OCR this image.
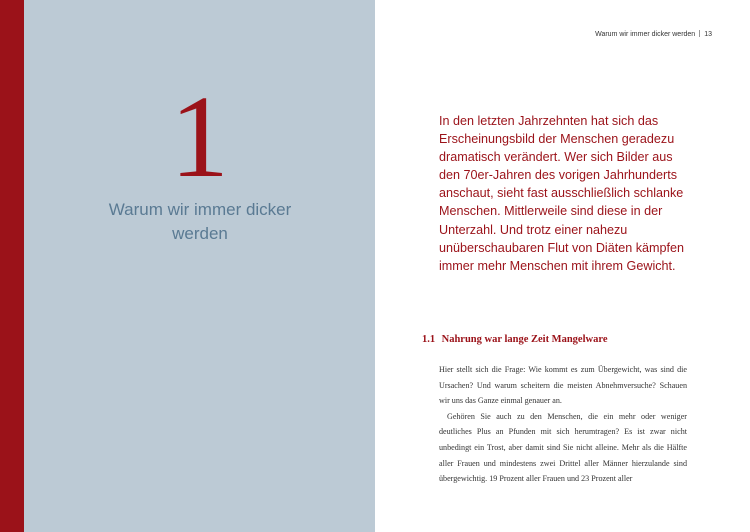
1
Warum wir immer dicker werden
Warum wir immer dicker werden 13

In den letzten Jahrzehnten hat sich das Erscheinungsbild der Menschen geradezu dramatisch verändert. Wer sich Bilder aus den 70er-Jahren des vorigen Jahrhunderts anschaut, sieht fast ausschließlich schlanke Menschen. Mittlerweile sind diese in der Unterzahl. Und trotz einer nahezu unüberschaubaren Flut von Diäten kämpfen immer mehr Menschen mit ihrem Gewicht.

1.1 Nahrung war lange Zeit Mangelware

Hier stellt sich die Frage: Wie kommt es zum Übergewicht, was sind die Ursachen? Und warum scheitern die meisten Abnehmversuche? Schauen wir uns das Ganze einmal genauer an.

Gehören Sie auch zu den Menschen, die ein mehr oder weniger deutliches Plus an Pfunden mit sich herumtragen? Es ist zwar nicht unbedingt ein Trost, aber damit sind Sie nicht alleine. Mehr als die Hälfte aller Frauen und mindestens zwei Drittel aller Männer hierzulande sind übergewichtig. 19 Prozent aller Frauen und 23 Prozent aller
